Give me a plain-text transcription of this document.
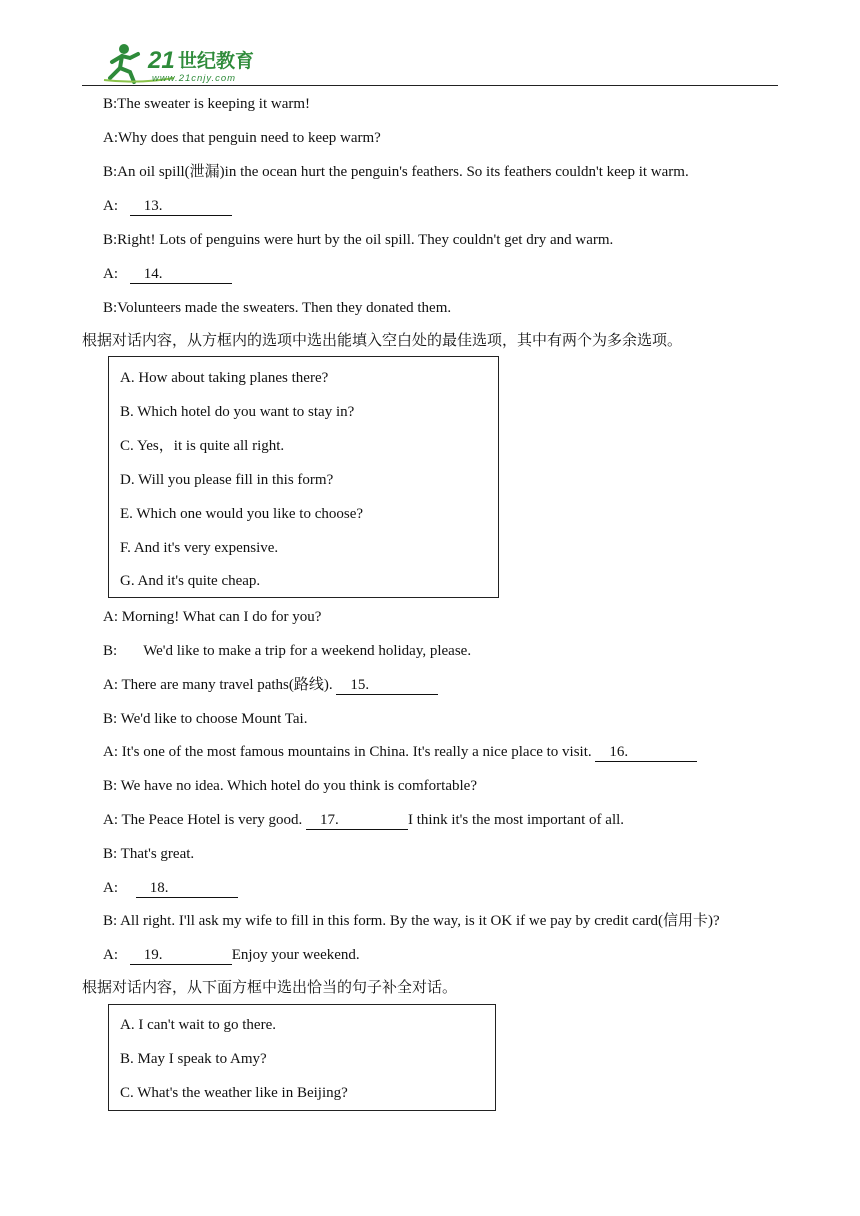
21 世纪教育
www.21cnjy.com
B:The sweater is keeping it warm!
A:Why does that penguin need to keep warm?
B:An oil spill(泄漏)in the ocean hurt the penguin's feathers. So its feathers couldn't keep it warm.
A: 13.
B:Right! Lots of penguins were hurt by the oil spill. They couldn't get dry and warm.
A: 14.
B:Volunteers made the sweaters. Then they donated them.
根据对话内容，从方框内的选项中选出能填入空白处的最佳选项，其中有两个为多余选项。
A. How about taking planes there?
B. Which hotel do you want to stay in?
C. Yes，it is quite all right.
D. Will you please fill in this form?
E. Which one would you like to choose?
F. And it's very expensive.
G. And it's quite cheap.
A: Morning! What can I do for you?
B: We'd like to make a trip for a weekend holiday, please.
A: There are many travel paths(路线). 15.
B: We'd like to choose Mount Tai.
A: It's one of the most famous mountains in China. It's really a nice place to visit. 16.
B: We have no idea. Which hotel do you think is comfortable?
A: The Peace Hotel is very good. 17.	I think it's the most important of all.
B: That's great.
A: 18.
B: All right. I'll ask my wife to fill in this form. By the way, is it OK if we pay by credit card(信用卡)?
A: 19.	Enjoy your weekend.
根据对话内容，从下面方框中选出恰当的句子补全对话。
A. I can't wait to go there.
B. May I speak to Amy?
C. What's the weather like in Beijing?
